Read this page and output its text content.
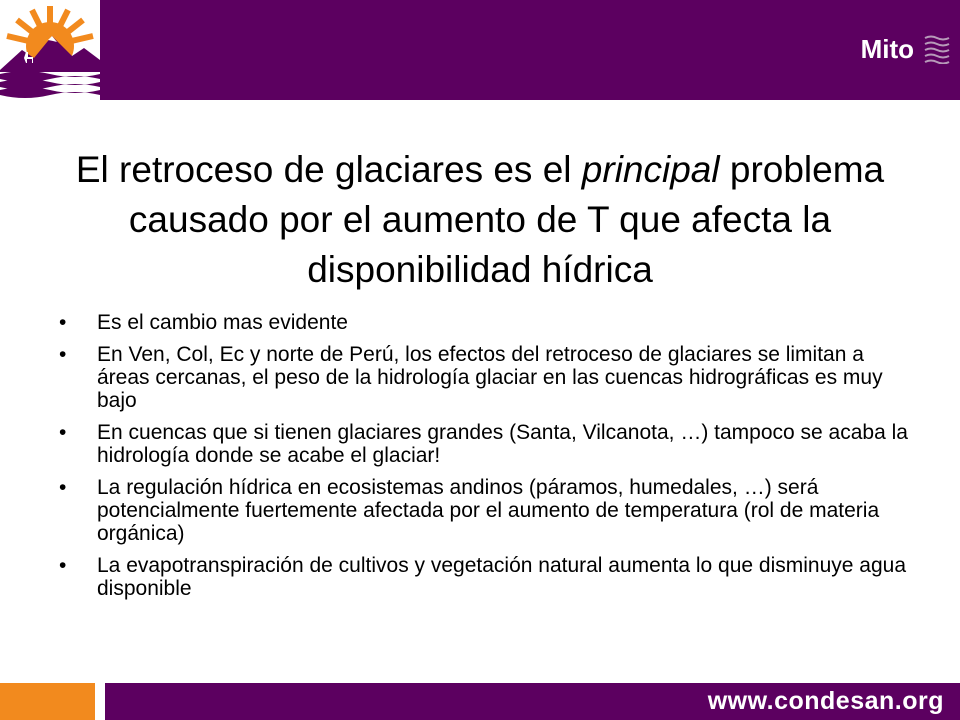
Mito
El retroceso de glaciares es el principal problema causado por el aumento de T que afecta la disponibilidad hídrica
• Es el cambio mas evidente
• En Ven, Col, Ec y norte de Perú, los efectos del retroceso de glaciares se limitan a áreas cercanas, el peso de la hidrología glaciar en las cuencas hidrográficas es muy bajo
• En cuencas que si tienen glaciares grandes (Santa, Vilcanota, …) tampoco se acaba la hidrología donde se acabe el glaciar!
• La regulación hídrica en ecosistemas andinos (páramos, humedales, …) será potencialmente fuertemente afectada por el aumento de temperatura (rol de materia orgánica)
• La evapotranspiración de cultivos y vegetación natural aumenta lo que disminuye agua disponible
www.condesan.org
